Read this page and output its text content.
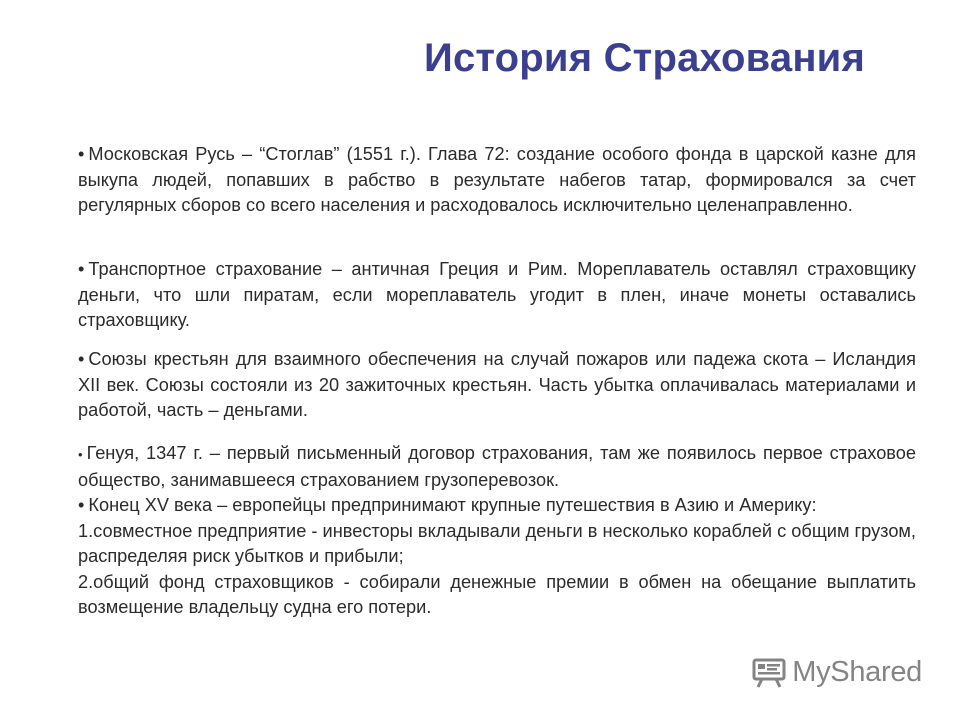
История Страхования
• Московская Русь – “Стоглав” (1551 г.). Глава 72: создание особого фонда в царской казне для выкупа людей, попавших в рабство в результате набегов татар, формировался за счет регулярных сборов со всего населения и расходовалось исключительно целенаправленно.
• Транспортное страхование – античная Греция и Рим. Мореплаватель оставлял страховщику деньги, что шли пиратам, если мореплаватель угодит в плен, иначе монеты оставались страховщику.
• Союзы крестьян для взаимного обеспечения на случай пожаров или падежа скота – Исландия XII век. Союзы состояли из 20 зажиточных крестьян. Часть убытка оплачивалась материалами и работой, часть – деньгами.
• Генуя, 1347 г. – первый письменный договор страхования, там же появилось первое страховое общество, занимавшееся страхованием грузоперевозок.
• Конец XV века – европейцы предпринимают крупные путешествия в Азию и Америку:
1.совместное предприятие - инвесторы вкладывали деньги в несколько кораблей с общим грузом, распределяя риск убытков и прибыли;
2.общий фонд страховщиков - собирали денежные премии в обмен на обещание выплатить возмещение владельцу судна его потери.
MyShared
